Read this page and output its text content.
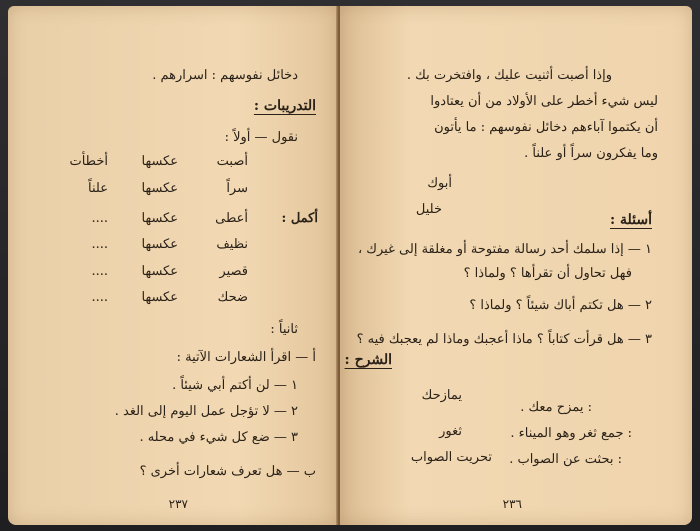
دخائل نفوسهم : اسرارهم .
التدريبات :
نقول — أولاً :
أصبت
عكسها
أخطأت
سراً
عكسها
علناً
أكمل :
أعطى
عكسها
....
نظيف
عكسها
....
قصير
عكسها
....
ضحك
عكسها
....
ثانياً :
أ — اقرأ الشعارات الآتية :
١ — لن أكتم أبي شيئاً .
٢ — لا تؤجل عمل اليوم إلى الغد .
٣ — ضع كل شيء في محله .
ب — هل تعرف شعارات أخرى ؟
٢٣٧
وإذا أصبت أثنيت عليك ، وافتخرت بك .
ليس شيء أخطر على الأولاد من أن يعتادوا
أن يكتموا آباءهم دخائل نفوسهم : ما يأتون
وما يفكرون سراً أو علناً .
أبوك
خليل
أسئلة :
١ — إذا سلمك أحد رسالة مفتوحة أو مغلقة إلى غيرك ،
فهل تحاول أن تقرأها ؟ ولماذا ؟
٢ — هل تكتم أباك شيئاً ؟ ولماذا ؟
٣ — هل قرأت كتاباً ؟ ماذا أعجبك وماذا لم يعجبك فيه ؟
الشرح :
يمازحك
: يمزح معك .
ثغور	: جمع ثغر وهو الميناء .
تحريت الصواب : بحثت عن الصواب .
٢٣٦
